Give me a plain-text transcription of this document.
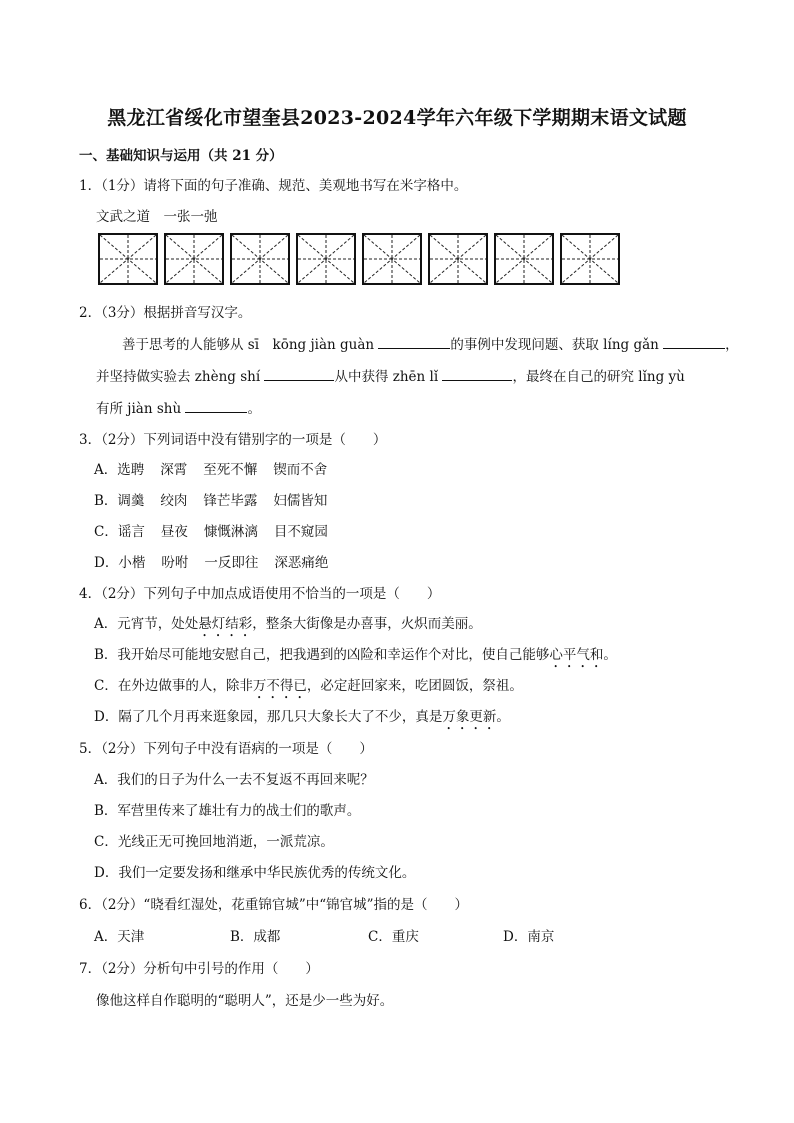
黑龙江省绥化市望奎县2023-2024学年六年级下学期期末语文试题
一、基础知识与运用（共 21 分）
1．（1分）请将下面的句子准确、规范、美观地书写在米字格中。
文武之道　一张一弛
2．（3分）根据拼音写汉字。
善于思考的人能够从 sī　kōng jiàn guàn	的事例中发现问题、获取 líng gǎn	，
并坚持做实验去 zhèng shí	从中获得 zhēn lǐ	，最终在自己的研究 lǐng yù
有所 jiàn shù	。
3．（2分）下列词语中没有错别字的一项是（　　）
A．选聘 深霄 至死不懈 锲而不舍
B．调羹 绞肉 锋芒毕露 妇儒皆知
C．谣言 昼夜 慷慨淋漓 目不窥园
D．小楷 吩咐 一反即往 深恶痛绝
4．（2分）下列句子中加点成语使用不恰当的一项是（　　）
A．元宵节，处处悬灯结彩，整条大街像是办喜事，火炽而美丽。
B．我开始尽可能地安慰自己，把我遇到的凶险和幸运作个对比，使自己能够心平气和。
C．在外边做事的人，除非万不得已，必定赶回家来，吃团圆饭，祭祖。
D．隔了几个月再来逛象园，那几只大象长大了不少，真是万象更新。
5．（2分）下列句子中没有语病的一项是（　　）
A．我们的日子为什么一去不复返不再回来呢？
B．军营里传来了雄壮有力的战士们的歌声。
C．光线正无可挽回地消逝，一派荒凉。
D．我们一定要发扬和继承中华民族优秀的传统文化。
6．（2分）“晓看红湿处，花重锦官城”中“锦官城”指的是（　　）
A．天津	B．成都	C．重庆	D．南京
7．（2分）分析句中引号的作用（　　）
像他这样自作聪明的“聪明人”，还是少一些为好。
